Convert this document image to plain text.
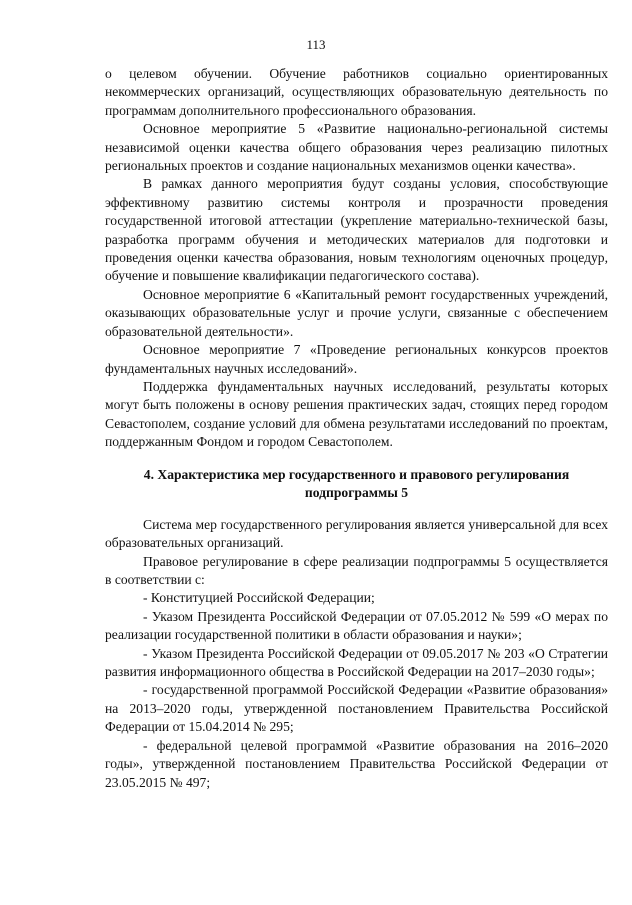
113

о целевом обучении. Обучение работников социально ориентированных некоммерческих организаций, осуществляющих образовательную деятельность по программам дополнительного профессионального образования.

Основное мероприятие 5 «Развитие национально-региональной системы независимой оценки качества общего образования через реализацию пилотных региональных проектов и создание национальных механизмов оценки качества».

В рамках данного мероприятия будут созданы условия, способствующие эффективному развитию системы контроля и прозрачности проведения государственной итоговой аттестации (укрепление материально-технической базы, разработка программ обучения и методических материалов для подготовки и проведения оценки качества образования, новым технологиям оценочных процедур, обучение и повышение квалификации педагогического состава).

Основное мероприятие 6 «Капитальный ремонт государственных учреждений, оказывающих образовательные услуг и прочие услуги, связанные с обеспечением образовательной деятельности».

Основное мероприятие 7 «Проведение региональных конкурсов проектов фундаментальных научных исследований».

Поддержка фундаментальных научных исследований, результаты которых могут быть положены в основу решения практических задач, стоящих перед городом Севастополем, создание условий для обмена результатами исследований по проектам, поддержанным Фондом и городом Севастополем.

4. Характеристика мер государственного и правового регулирования
подпрограммы 5

Система мер государственного регулирования является универсальной для всех образовательных организаций.

Правовое регулирование в сфере реализации подпрограммы 5 осуществляется в соответствии с:

- Конституцией Российской Федерации;

- Указом Президента Российской Федерации от 07.05.2012 № 599 «О мерах по реализации государственной политики в области образования и науки»;

- Указом Президента Российской Федерации от 09.05.2017 № 203 «О Стратегии развития информационного общества в Российской Федерации на 2017–2030 годы»;

- государственной программой Российской Федерации «Развитие образования» на 2013–2020 годы, утвержденной постановлением Правительства Российской Федерации от 15.04.2014 № 295;

- федеральной целевой программой «Развитие образования на 2016–2020 годы», утвержденной постановлением Правительства Российской Федерации от 23.05.2015 № 497;
